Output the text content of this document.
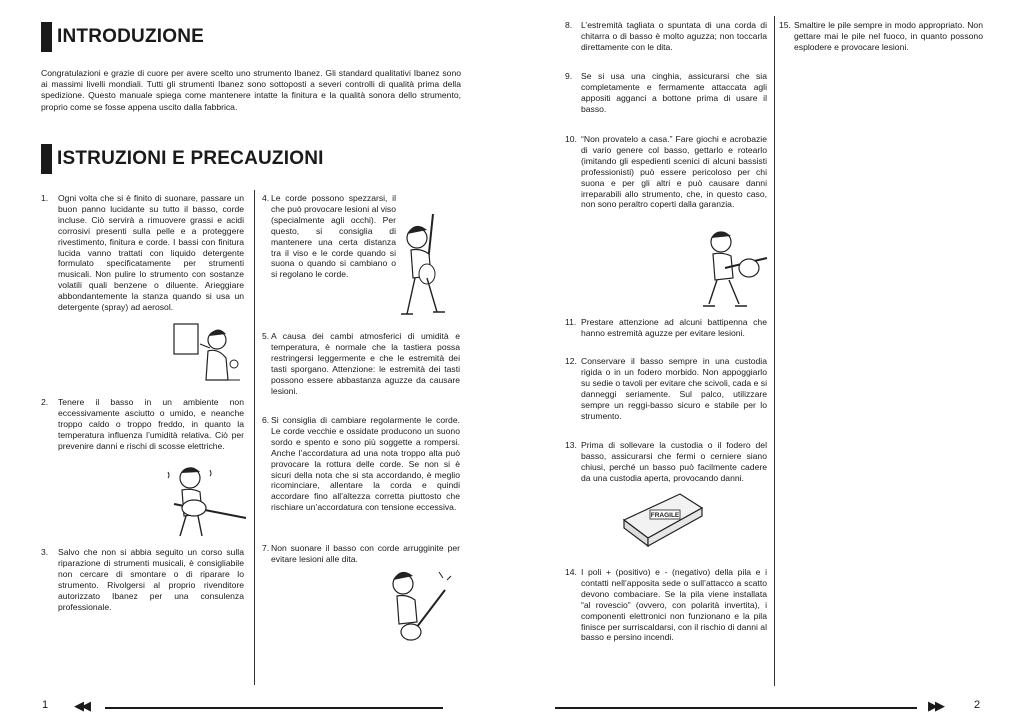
INTRODUZIONE
Congratulazioni e grazie di cuore per avere scelto uno strumento Ibanez. Gli standard qualitativi Ibanez sono ai massimi livelli mondiali. Tutti gli strumenti Ibanez sono sottoposti a severi controlli di qualità prima della spedizione. Questo manuale spiega come mantenere intatte la finitura e la qualità sonora dello strumento, proprio come se fosse appena uscito dalla fabbrica.
ISTRUZIONI E PRECAUZIONI
1.	Ogni volta che si è finito di suonare, passare un buon panno lucidante su tutto il basso, corde incluse. Ciò servirà a rimuovere grassi e acidi corrosivi presenti sulla pelle e a proteggere rivestimento, finitura e corde. I bassi con finitura lucida vanno trattati con liquido detergente formulato specificatamente per strumenti musicali. Non pulire lo strumento con sostanze volatili quali benzene o diluente. Arieggiare abbondantemente la stanza quando si usa un detergente (spray) ad aerosol.
2.	Tenere il basso in un ambiente non eccessivamente asciutto o umido, e neanche troppo caldo o troppo freddo, in quanto la temperatura influenza l’umidità relativa. Ciò per prevenire danni e rischi di scosse elettriche.
3.	Salvo che non si abbia seguito un corso sulla riparazione di strumenti musicali, è consigliabile non cercare di smontare o di riparare lo strumento. Rivolgersi al proprio rivenditore autorizzato Ibanez per una consulenza professionale.
4. Le corde possono spezzarsi, il che può provocare lesioni al viso (specialmente agli occhi). Per questo, si consiglia di mantenere una certa distanza tra il viso e le corde quando si suona o quando si cambiano o si regolano le corde.
5. A causa dei cambi atmosferici di umidità e temperatura, è normale che la tastiera possa restringersi leggermente e che le estremità dei tasti sporgano. Attenzione: le estremità dei tasti possono essere abbastanza aguzze da causare lesioni.
6. Si consiglia di cambiare regolarmente le corde. Le corde vecchie e ossidate producono un suono sordo e spento e sono più soggette a rompersi. Anche l’accordatura ad una nota troppo alta può provocare la rottura delle corde. Se non si è sicuri della nota che si sta accordando, è meglio ricominciare, allentare la corda e quindi accordare fino all’altezza corretta piuttosto che rischiare un’accordatura con tensione eccessiva.
7. Non suonare il basso con corde arrugginite per evitare lesioni alle dita.
8.	L’estremità tagliata o spuntata di una corda di chitarra o di basso è molto aguzza; non toccarla direttamente con le dita.
9.	Se si usa una cinghia, assicurarsi che sia completamente e fermamente attaccata agli appositi agganci a bottone prima di usare il basso.
10. “Non provatelo a casa.” Fare giochi e acrobazie di vario genere col basso, gettarlo e rotearlo (imitando gli espedienti scenici di alcuni bassisti professionisti) può essere pericoloso per chi suona e per gli altri e può causare danni irreparabili allo strumento, che, in questo caso, non sono peraltro coperti dalla garanzia.
11. Prestare attenzione ad alcuni battipenna che hanno estremità aguzze per evitare lesioni.
12. Conservare il basso sempre in una custodia rigida o in un fodero morbido. Non appoggiarlo su sedie o tavoli per evitare che scivoli, cada e si danneggi seriamente. Sul palco, utilizzare sempre un reggi-basso sicuro e stabile per lo strumento.
13. Prima di sollevare la custodia o il fodero del basso, assicurarsi che fermi o cerniere siano chiusi, perché un basso può facilmente cadere da una custodia aperta, provocando danni.
14. I poli + (positivo) e - (negativo) della pila e i contatti nell’apposita sede o sull’attacco a scatto devono combaciare. Se la pila viene installata “al rovescio” (ovvero, con polarità invertita), i componenti elettronici non funzionano e la pila finisce per surriscaldarsi, con il rischio di danni al basso e persino incendi.
15. Smaltire le pile sempre in modo appropriato. Non gettare mai le pile nel fuoco, in quanto possono esplodere e provocare lesioni.
FRAGILE
1 ◀◀	▶▶	2
